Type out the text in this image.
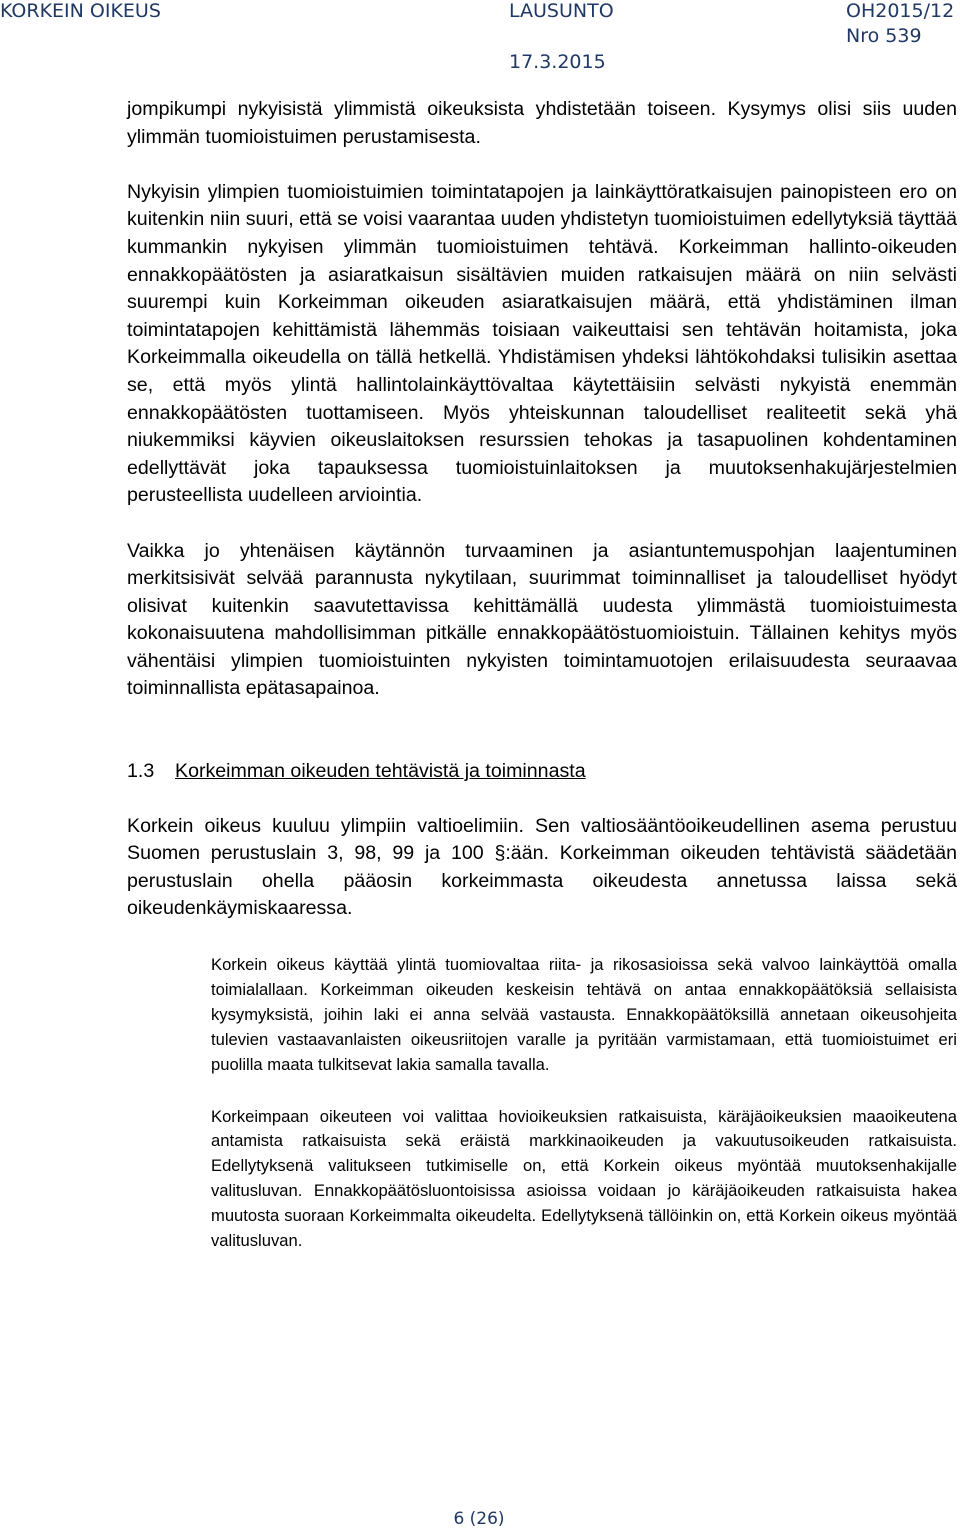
KORKEIN OIKEUS	LAUSUNTO	OH2015/12
Nro 539
17.3.2015

jompikumpi nykyisistä ylimmistä oikeuksista yhdistetään toiseen. Kysymys olisi siis uuden ylimmän tuomioistuimen perustamisesta.

Nykyisin ylimpien tuomioistuimien toimintatapojen ja lainkäyttöratkaisujen painopisteen ero on kuitenkin niin suuri, että se voisi vaarantaa uuden yhdistetyn tuomioistuimen edellytyksiä täyttää kummankin nykyisen ylimmän tuomioistuimen tehtävä. Korkeimman hallinto-oikeuden ennakkopäätösten ja asiaratkaisun sisältävien muiden ratkaisujen määrä on niin selvästi suurempi kuin Korkeimman oikeuden asiaratkaisujen määrä, että yhdistäminen ilman toimintatapojen kehittämistä lähemmäs toisiaan vaikeuttaisi sen tehtävän hoitamista, joka Korkeimmalla oikeudella on tällä hetkellä. Yhdistämisen yhdeksi lähtökohdaksi tulisikin asettaa se, että myös ylintä hallintolainkäyttövaltaa käytettäisiin selvästi nykyistä enemmän ennakkopäätösten tuottamiseen. Myös yhteiskunnan taloudelliset realiteetit sekä yhä niukemmiksi käyvien oikeuslaitoksen resurssien tehokas ja tasapuolinen kohdentaminen edellyttävät joka tapauksessa tuomioistuinlaitoksen ja muutoksenhakujärjestelmien perusteellista uudelleen arviointia.

Vaikka jo yhtenäisen käytännön turvaaminen ja asiantuntemuspohjan laajentuminen merkitsisivät selvää parannusta nykytilaan, suurimmat toiminnalliset ja taloudelliset hyödyt olisivat kuitenkin saavutettavissa kehittämällä uudesta ylimmästä tuomioistuimesta kokonaisuutena mahdollisimman pitkälle ennakkopäätöstuomioistuin. Tällainen kehitys myös vähentäisi ylimpien tuomioistuinten nykyisten toimintamuotojen erilaisuudesta seuraavaa toiminnallista epätasapainoa.

1.3 Korkeimman oikeuden tehtävistä ja toiminnasta

Korkein oikeus kuuluu ylimpiin valtioelimiin. Sen valtiosääntöoikeudellinen asema perustuu Suomen perustuslain 3, 98, 99 ja 100 §:ään. Korkeimman oikeuden tehtävistä säädetään perustuslain ohella pääosin korkeimmasta oikeudesta annetussa laissa sekä oikeudenkäymiskaaressa.

Korkein oikeus käyttää ylintä tuomiovaltaa riita- ja rikosasioissa sekä valvoo lainkäyttöä omalla toimialallaan. Korkeimman oikeuden keskeisin tehtävä on antaa ennakkopäätöksiä sellaisista kysymyksistä, joihin laki ei anna selvää vastausta. Ennakkopäätöksillä annetaan oikeusohjeita tulevien vastaavanlaisten oikeusriitojen varalle ja pyritään varmistamaan, että tuomioistuimet eri puolilla maata tulkitsevat lakia samalla tavalla.

Korkeimpaan oikeuteen voi valittaa hovioikeuksien ratkaisuista, käräjäoikeuksien maaoikeutena antamista ratkaisuista sekä eräistä markkinaoikeuden ja vakuutusoikeuden ratkaisuista. Edellytyksenä valitukseen tutkimiselle on, että Korkein oikeus myöntää muutoksenhakijalle valitusluvan. Ennakkopäätösluontoisissa asioissa voidaan jo käräjäoikeuden ratkaisuista hakea muutosta suoraan Korkeimmalta oikeudelta. Edellytyksenä tällöinkin on, että Korkein oikeus myöntää valitusluvan.

6 (26)
